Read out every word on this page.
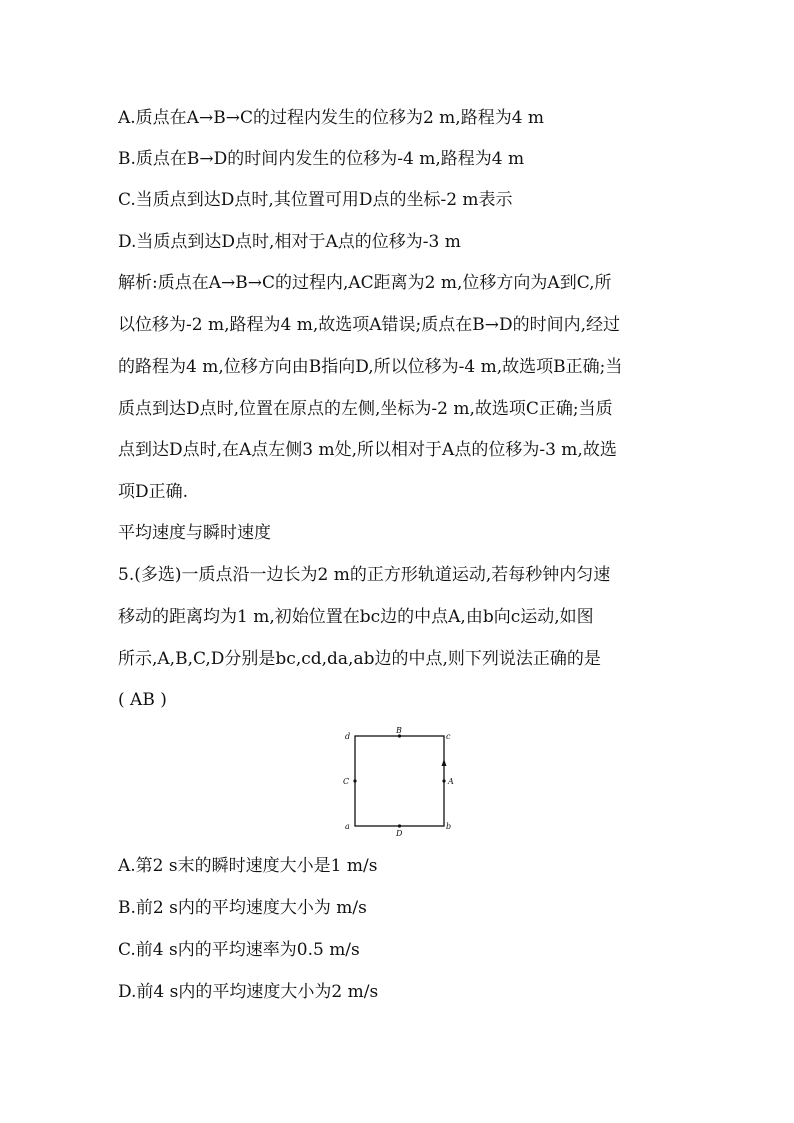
A.质点在A→B→C的过程内发生的位移为2 m,路程为4 m
B.质点在B→D的时间内发生的位移为-4 m,路程为4 m
C.当质点到达D点时,其位置可用D点的坐标-2 m表示
D.当质点到达D点时,相对于A点的位移为-3 m
解析:质点在A→B→C的过程内,AC距离为2 m,位移方向为A到C,所
以位移为-2 m,路程为4 m,故选项A错误;质点在B→D的时间内,经过
的路程为4 m,位移方向由B指向D,所以位移为-4 m,故选项B正确;当
质点到达D点时,位置在原点的左侧,坐标为-2 m,故选项C正确;当质
点到达D点时,在A点左侧3 m处,所以相对于A点的位移为-3 m,故选
项D正确.
平均速度与瞬时速度
5.(多选)一质点沿一边长为2 m的正方形轨道运动,若每秒钟内匀速
移动的距离均为1 m,初始位置在bc边的中点A,由b向c运动,如图
所示,A,B,C,D分别是bc,cd,da,ab边的中点,则下列说法正确的是
( AB )
d	c
a	b
B
C	A
D
A.第2 s末的瞬时速度大小是1 m/s
B.前2 s内的平均速度大小为 m/s
C.前4 s内的平均速率为0.5 m/s
D.前4 s内的平均速度大小为2 m/s
